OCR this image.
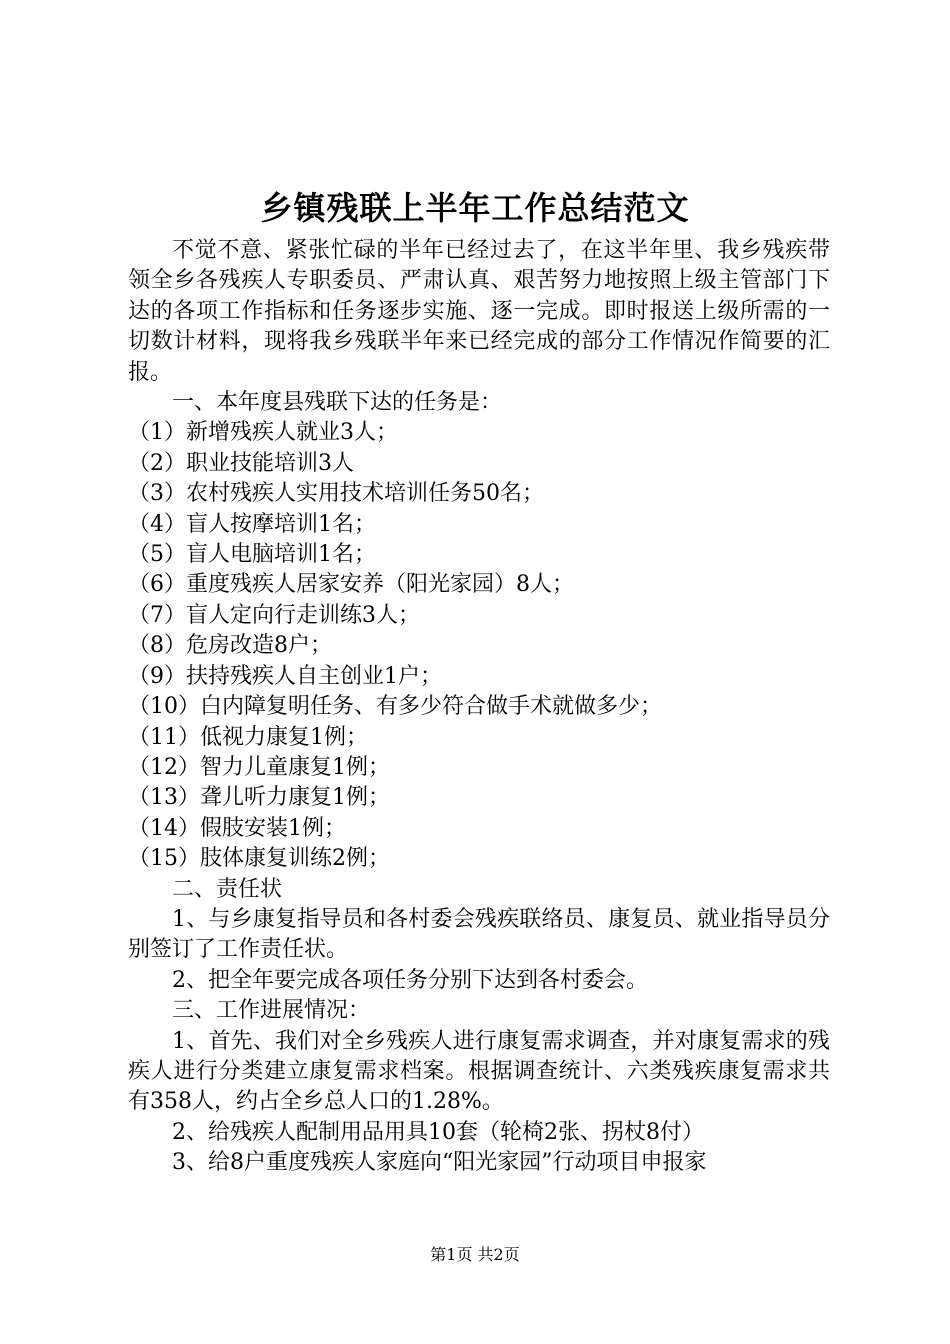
乡镇残联上半年工作总结范文

不觉不意、紧张忙碌的半年已经过去了，在这半年里、我乡残疾带领全乡各残疾人专职委员、严肃认真、艰苦努力地按照上级主管部门下达的各项工作指标和任务逐步实施、逐一完成。即时报送上级所需的一切数计材料，现将我乡残联半年来已经完成的部分工作情况作简要的汇报。

一、本年度县残联下达的任务是：

（1）新增残疾人就业3人；

（2）职业技能培训3人

（3）农村残疾人实用技术培训任务50名；

（4）盲人按摩培训1名；

（5）盲人电脑培训1名；

（6）重度残疾人居家安养（阳光家园）8人；

（7）盲人定向行走训练3人；

（8）危房改造8户；

（9）扶持残疾人自主创业1户；

（10）白内障复明任务、有多少符合做手术就做多少；

（11）低视力康复1例；

（12）智力儿童康复1例；

（13）聋儿听力康复1例；

（14）假肢安装1例；

（15）肢体康复训练2例；

二、责任状

1、与乡康复指导员和各村委会残疾联络员、康复员、就业指导员分别签订了工作责任状。

2、把全年要完成各项任务分别下达到各村委会。

三、工作进展情况：

1、首先、我们对全乡残疾人进行康复需求调查，并对康复需求的残疾人进行分类建立康复需求档案。根据调查统计、六类残疾康复需求共有358人，约占全乡总人口的1.28%。

2、给残疾人配制用品用具10套（轮椅2张、拐杖8付）

3、给8户重度残疾人家庭向“阳光家园”行动项目申报家

第1页 共2页
